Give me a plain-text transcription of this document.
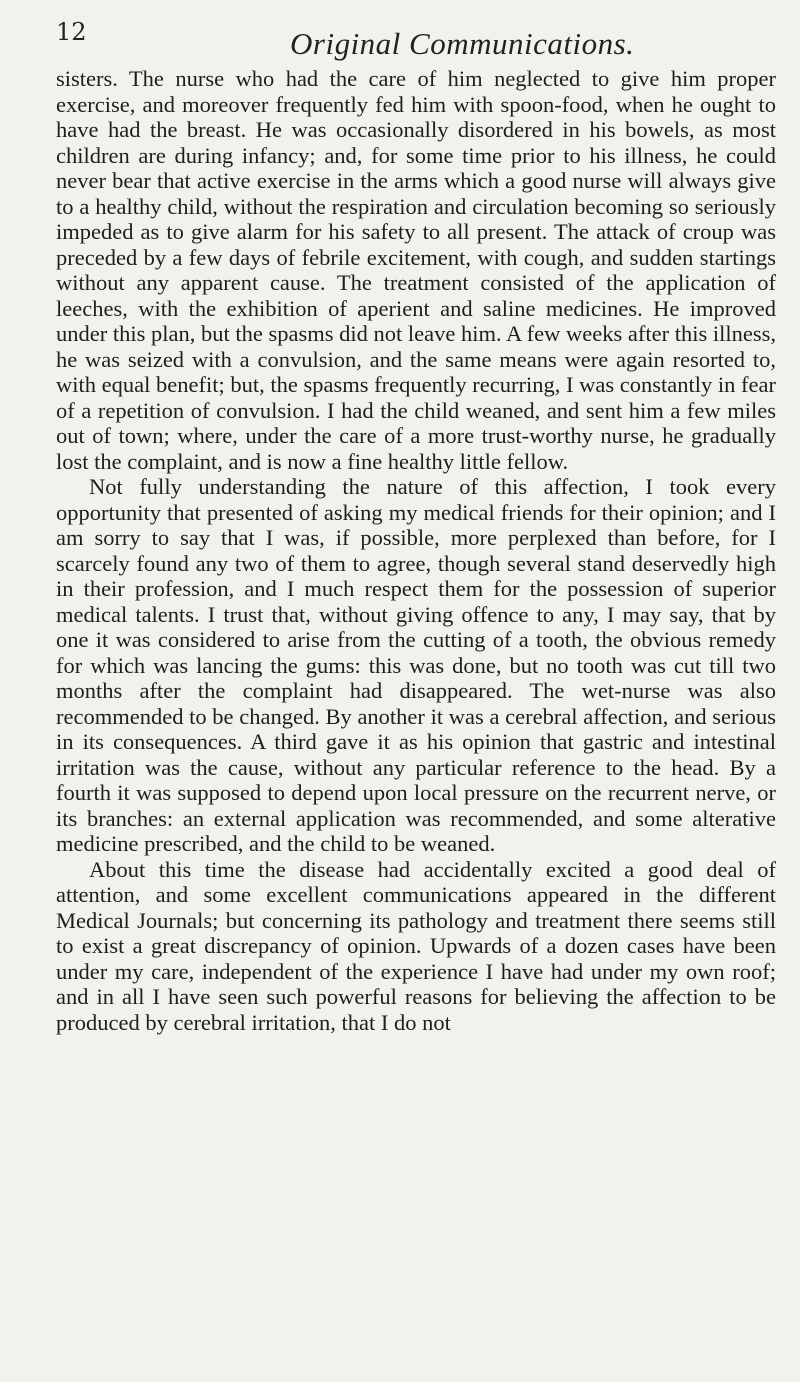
12	Original Communications.

sisters. The nurse who had the care of him neglected to give him proper exercise, and moreover frequently fed him with spoon-food, when he ought to have had the breast. He was occasionally disordered in his bowels, as most children are during infancy; and, for some time prior to his illness, he could never bear that active exercise in the arms which a good nurse will always give to a healthy child, without the respiration and circulation becoming so seriously impeded as to give alarm for his safety to all present. The attack of croup was preceded by a few days of febrile excitement, with cough, and sudden startings without any apparent cause. The treatment consisted of the application of leeches, with the exhibition of aperient and saline medicines. He improved under this plan, but the spasms did not leave him. A few weeks after this illness, he was seized with a convulsion, and the same means were again resorted to, with equal benefit; but, the spasms frequently recurring, I was constantly in fear of a repetition of convulsion. I had the child weaned, and sent him a few miles out of town; where, under the care of a more trust-worthy nurse, he gradually lost the complaint, and is now a fine healthy little fellow.

Not fully understanding the nature of this affection, I took every opportunity that presented of asking my medical friends for their opinion; and I am sorry to say that I was, if possible, more perplexed than before, for I scarcely found any two of them to agree, though several stand deservedly high in their profession, and I much respect them for the possession of superior medical talents. I trust that, without giving offence to any, I may say, that by one it was considered to arise from the cutting of a tooth, the obvious remedy for which was lancing the gums: this was done, but no tooth was cut till two months after the complaint had disappeared. The wet-nurse was also recommended to be changed. By another it was a cerebral affection, and serious in its consequences. A third gave it as his opinion that gastric and intestinal irritation was the cause, without any particular reference to the head. By a fourth it was supposed to depend upon local pressure on the recurrent nerve, or its branches: an external application was recommended, and some alterative medicine prescribed, and the child to be weaned.

About this time the disease had accidentally excited a good deal of attention, and some excellent communications appeared in the different Medical Journals; but concerning its pathology and treatment there seems still to exist a great discrepancy of opinion. Upwards of a dozen cases have been under my care, independent of the experience I have had under my own roof; and in all I have seen such powerful reasons for believing the affection to be produced by cerebral irritation, that I do not
